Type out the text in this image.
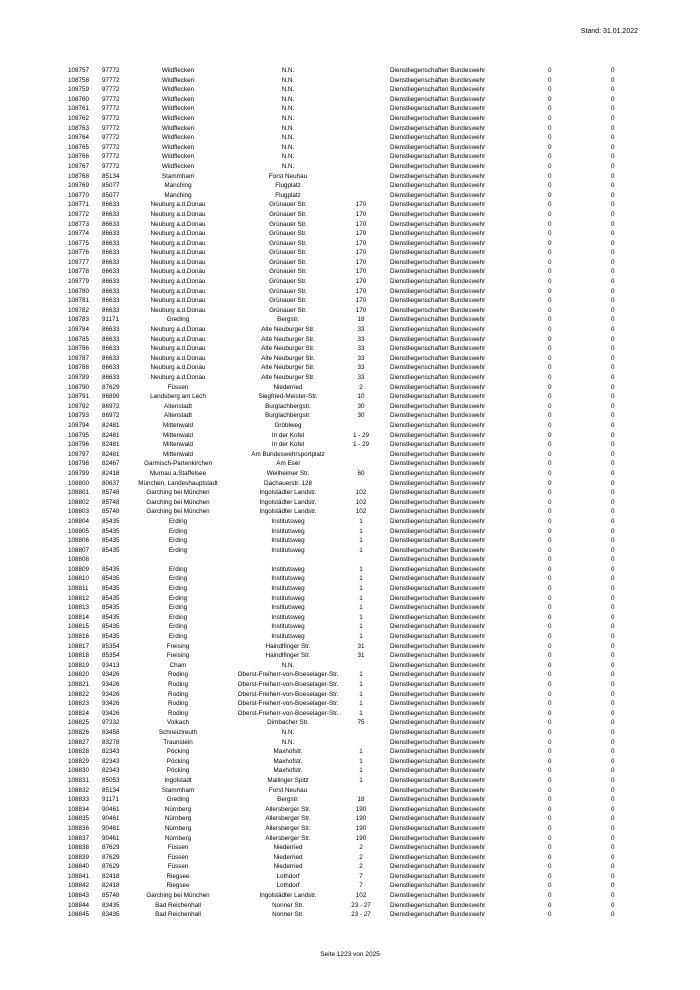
Stand: 31.01.2022
108757 97772	Wildflecken	N.N.	Dienstliegenschaften Bundeswehr	0	0
108758 97772	Wildflecken	N.N.	Dienstliegenschaften Bundeswehr	0	0
108759 97772	Wildflecken	N.N.	Dienstliegenschaften Bundeswehr	0	0
108760 97772	Wildflecken	N.N.	Dienstliegenschaften Bundeswehr	0	0
108761 97772	Wildflecken	N.N.	Dienstliegenschaften Bundeswehr	0	0
108762 97772	Wildflecken	N.N.	Dienstliegenschaften Bundeswehr	0	0
108763 97772	Wildflecken	N.N.	Dienstliegenschaften Bundeswehr	0	0
108764 97772	Wildflecken	N.N.	Dienstliegenschaften Bundeswehr	0	0
108765 97772	Wildflecken	N.N.	Dienstliegenschaften Bundeswehr	0	0
108766 97772	Wildflecken	N.N.	Dienstliegenschaften Bundeswehr	0	0
108767 97772	Wildflecken	N.N.	Dienstliegenschaften Bundeswehr	0	0
108768 85134	Stammham	Forst Neuhau	Dienstliegenschaften Bundeswehr	0	0
108769 85077	Manching	Flugplatz	Dienstliegenschaften Bundeswehr	0	0
108770 85077	Manching	Flugplatz	Dienstliegenschaften Bundeswehr	0	0
108771 86633	Neuburg a.d.Donau	Grünauer Str.	170	Dienstliegenschaften Bundeswehr	0	0
108772 86633	Neuburg a.d.Donau	Grünauer Str.	170	Dienstliegenschaften Bundeswehr	0	0
108773 86633	Neuburg a.d.Donau	Grünauer Str.	170	Dienstliegenschaften Bundeswehr	0	0
108774 86633	Neuburg a.d.Donau	Grünauer Str.	170	Dienstliegenschaften Bundeswehr	0	0
108775 86633	Neuburg a.d.Donau	Grünauer Str.	170	Dienstliegenschaften Bundeswehr	0	0
108776 86633	Neuburg a.d.Donau	Grünauer Str.	170	Dienstliegenschaften Bundeswehr	0	0
108777 86633	Neuburg a.d.Donau	Grünauer Str.	170	Dienstliegenschaften Bundeswehr	0	0
108778 86633	Neuburg a.d.Donau	Grünauer Str.	170	Dienstliegenschaften Bundeswehr	0	0
108779 86633	Neuburg a.d.Donau	Grünauer Str.	170	Dienstliegenschaften Bundeswehr	0	0
108780 86633	Neuburg a.d.Donau	Grünauer Str.	170	Dienstliegenschaften Bundeswehr	0	0
108781 86633	Neuburg a.d.Donau	Grünauer Str.	170	Dienstliegenschaften Bundeswehr	0	0
108782 86633	Neuburg a.d.Donau	Grünauer Str.	170	Dienstliegenschaften Bundeswehr	0	0
108783 91171	Greding	Bergstr.	18	Dienstliegenschaften Bundeswehr	0	0
108784 86633	Neuburg a.d.Donau	Alte Neuburger Str.	33	Dienstliegenschaften Bundeswehr	0	0
108785 86633	Neuburg a.d.Donau	Alte Neuburger Str.	33	Dienstliegenschaften Bundeswehr	0	0
108786 86633	Neuburg a.d.Donau	Alte Neuburger Str.	33	Dienstliegenschaften Bundeswehr	0	0
108787 86633	Neuburg a.d.Donau	Alte Neuburger Str.	33	Dienstliegenschaften Bundeswehr	0	0
108788 86633	Neuburg a.d.Donau	Alte Neuburger Str.	33	Dienstliegenschaften Bundeswehr	0	0
108789 86633	Neuburg a.d.Donau	Alte Neuburger Str.	33	Dienstliegenschaften Bundeswehr	0	0
108790 87629	Füssen	Niederried	2	Dienstliegenschaften Bundeswehr	0	0
108791 86899	Landsberg am Lech	Siegfried-Meister-Str.	10	Dienstliegenschaften Bundeswehr	0	0
108792 86972	Altenstadt	Burglachbergstr.	30	Dienstliegenschaften Bundeswehr	0	0
108793 86972	Altenstadt	Burglachbergstr.	30	Dienstliegenschaften Bundeswehr	0	0
108794 82481	Mittenwald	Gröblweg	Dienstliegenschaften Bundeswehr	0	0
108795 82481	Mittenwald	In der Kofel	1 - 29	Dienstliegenschaften Bundeswehr	0	0
108796 82481	Mittenwald	In der Kofel	1 - 29	Dienstliegenschaften Bundeswehr	0	0
108797 82481	Mittenwald	Am Bundeswehrsportplatz	Dienstliegenschaften Bundeswehr	0	0
108798 82467	Garmisch-Partenkirchen	Am Esel	Dienstliegenschaften Bundeswehr	0	0
108799 82418	Murnau a.Staffelsee	Weilheimer Str.	60	Dienstliegenschaften Bundeswehr	0	0
108800 80637	München, Landeshauptstadt	Dachauerstr. 128	Dienstliegenschaften Bundeswehr	0	0
108801 85748	Garching bei München	Ingolstädter Landstr.	102	Dienstliegenschaften Bundeswehr	0	0
108802 85748	Garching bei München	Ingolstädter Landstr.	102	Dienstliegenschaften Bundeswehr	0	0
108803 85748	Garching bei München	Ingolstädter Landstr.	102	Dienstliegenschaften Bundeswehr	0	0
108804 85435	Erding	Institutsweg	1	Dienstliegenschaften Bundeswehr	0	0
108805 85435	Erding	Institutsweg	1	Dienstliegenschaften Bundeswehr	0	0
108806 85435	Erding	Institutsweg	1	Dienstliegenschaften Bundeswehr	0	0
108807 85435	Erding	Institutsweg	1	Dienstliegenschaften Bundeswehr	0	0
108808	Dienstliegenschaften Bundeswehr	0	0
108809 85435	Erding	Institutsweg	1	Dienstliegenschaften Bundeswehr	0	0
108810 85435	Erding	Institutsweg	1	Dienstliegenschaften Bundeswehr	0	0
108811 85435	Erding	Institutsweg	1	Dienstliegenschaften Bundeswehr	0	0
108812 85435	Erding	Institutsweg	1	Dienstliegenschaften Bundeswehr	0	0
108813 85435	Erding	Institutsweg	1	Dienstliegenschaften Bundeswehr	0	0
108814 85435	Erding	Institutsweg	1	Dienstliegenschaften Bundeswehr	0	0
108815 85435	Erding	Institutsweg	1	Dienstliegenschaften Bundeswehr	0	0
108816 85435	Erding	Institutsweg	1	Dienstliegenschaften Bundeswehr	0	0
108817 85354	Freising	Haindlfinger Str.	31	Dienstliegenschaften Bundeswehr	0	0
108818 85354	Freising	Haindlfinger Str.	31	Dienstliegenschaften Bundeswehr	0	0
108819 93413	Cham	N.N.	Dienstliegenschaften Bundeswehr	0	0
108820 93426	Roding	Oberst-Freiherr-von-Boeselager-Str.	1	Dienstliegenschaften Bundeswehr	0	0
108821 93426	Roding	Oberst-Freiherr-von-Boeselager-Str.	1	Dienstliegenschaften Bundeswehr	0	0
108822 93426	Roding	Oberst-Freiherr-von-Boeselager-Str.	1	Dienstliegenschaften Bundeswehr	0	0
108823 93426	Roding	Oberst-Freiherr-von-Boeselager-Str.	1	Dienstliegenschaften Bundeswehr	0	0
108824 93426	Roding	Oberst-Freiherr-von-Boeselager-Str.	1	Dienstliegenschaften Bundeswehr	0	0
108825 97332	Volkach	Dimbacher Str.	75	Dienstliegenschaften Bundeswehr	0	0
108826 83458	Schneizlreuth	N.N.	Dienstliegenschaften Bundeswehr	0	0
108827 83278	Traunstein	N.N.	Dienstliegenschaften Bundeswehr	0	0
108828 82343	Pöcking	Maxhofstr.	1	Dienstliegenschaften Bundeswehr	0	0
108829 82343	Pöcking	Maxhofstr.	1	Dienstliegenschaften Bundeswehr	0	0
108830 82343	Pöcking	Maxhofstr.	1	Dienstliegenschaften Bundeswehr	0	0
108831 85053	Ingolstadt	Mailinger Spitz	1	Dienstliegenschaften Bundeswehr	0	0
108832 85134	Stammham	Forst Neuhau	Dienstliegenschaften Bundeswehr	0	0
108833 91171	Greding	Bergstr.	18	Dienstliegenschaften Bundeswehr	0	0
108834 90461	Nürnberg	Allersberger Str.	190	Dienstliegenschaften Bundeswehr	0	0
108835 90461	Nürnberg	Allersberger Str.	190	Dienstliegenschaften Bundeswehr	0	0
108836 90461	Nürnberg	Allersberger Str.	190	Dienstliegenschaften Bundeswehr	0	0
108837 90461	Nürnberg	Allersberger Str.	190	Dienstliegenschaften Bundeswehr	0	0
108838 87629	Füssen	Niederried	2	Dienstliegenschaften Bundeswehr	0	0
108839 87629	Füssen	Niederried	2	Dienstliegenschaften Bundeswehr	0	0
108840 87629	Füssen	Niederried	2	Dienstliegenschaften Bundeswehr	0	0
108841 82418	Riegsee	Lothdorf	7	Dienstliegenschaften Bundeswehr	0	0
108842 82418	Riegsee	Lothdorf	7	Dienstliegenschaften Bundeswehr	0	0
108843 85748	Garching bei München	Ingolstädter Landstr.	102	Dienstliegenschaften Bundeswehr	0	0
108844 83435	Bad Reichenhall	Nonner Str.	23 - 27	Dienstliegenschaften Bundeswehr	0	0
108845 83435	Bad Reichenhall	Nonner Str.	23 - 27	Dienstliegenschaften Bundeswehr	0	0
Seite 1223 von 2025
